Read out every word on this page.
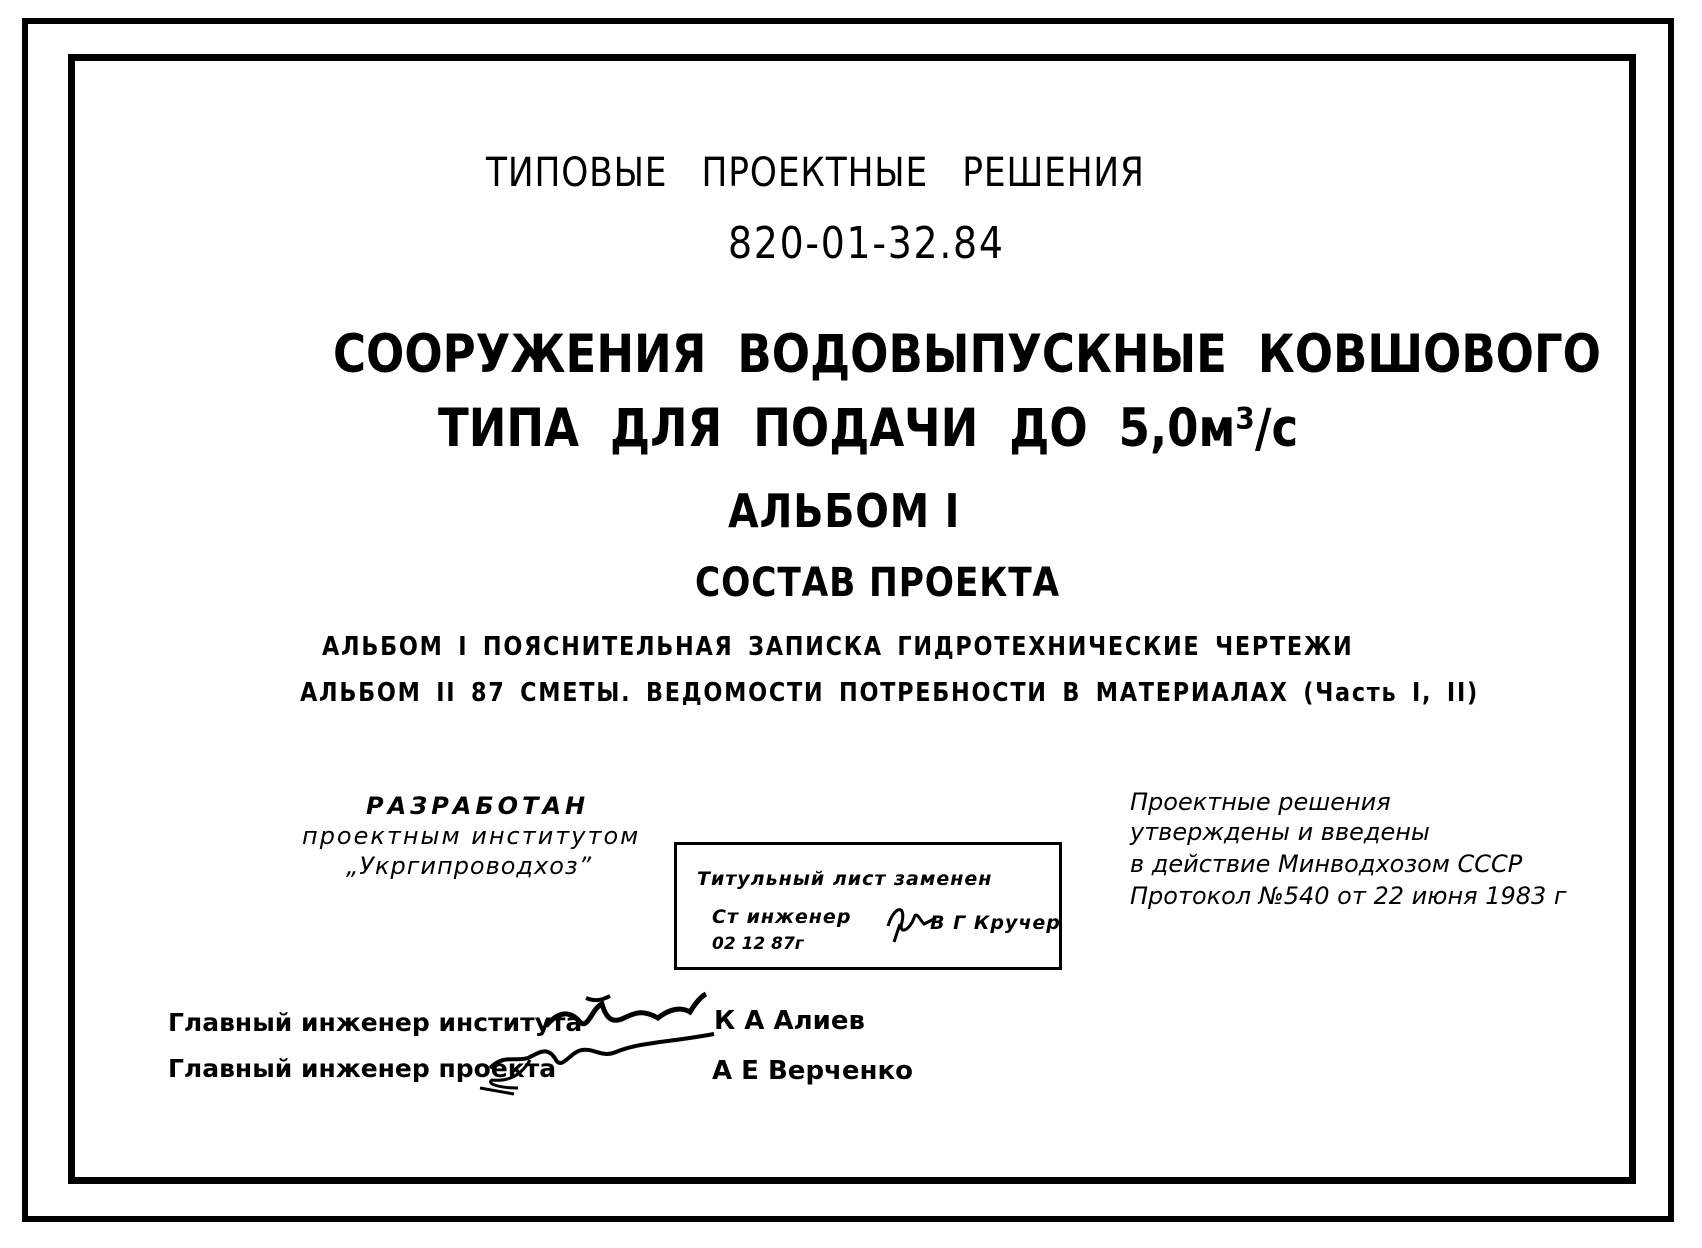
ТИПОВЫЕ ПРОЕКТНЫЕ РЕШЕНИЯ
820-01-32.84
СООРУЖЕНИЯ ВОДОВЫПУСКНЫЕ КОВШОВОГО
ТИПА ДЛЯ ПОДАЧИ ДО 5,0м³/с
АЛЬБОМ I
СОСТАВ ПРОЕКТА
АЛЬБОМ I ПОЯСНИТЕЛЬНАЯ ЗАПИСКА ГИДРОТЕХНИЧЕСКИЕ ЧЕРТЕЖИ
АЛЬБОМ II 87 СМЕТЫ. ВЕДОМОСТИ ПОТРЕБНОСТИ В МАТЕРИАЛАХ (Часть I, II)
РАЗРАБОТАН
проектным институтом
„Укргипроводхоз”
Проектные решения
утверждены и введены
в действие Минводхозом СССР
Протокол №540 от 22 июня 1983 г
Титульный лист заменен
Ст инженер	В Г Кручер
02 12 87г
Главный инженер института	К А Алиев
Главный инженер проекта	А Е Верченко
